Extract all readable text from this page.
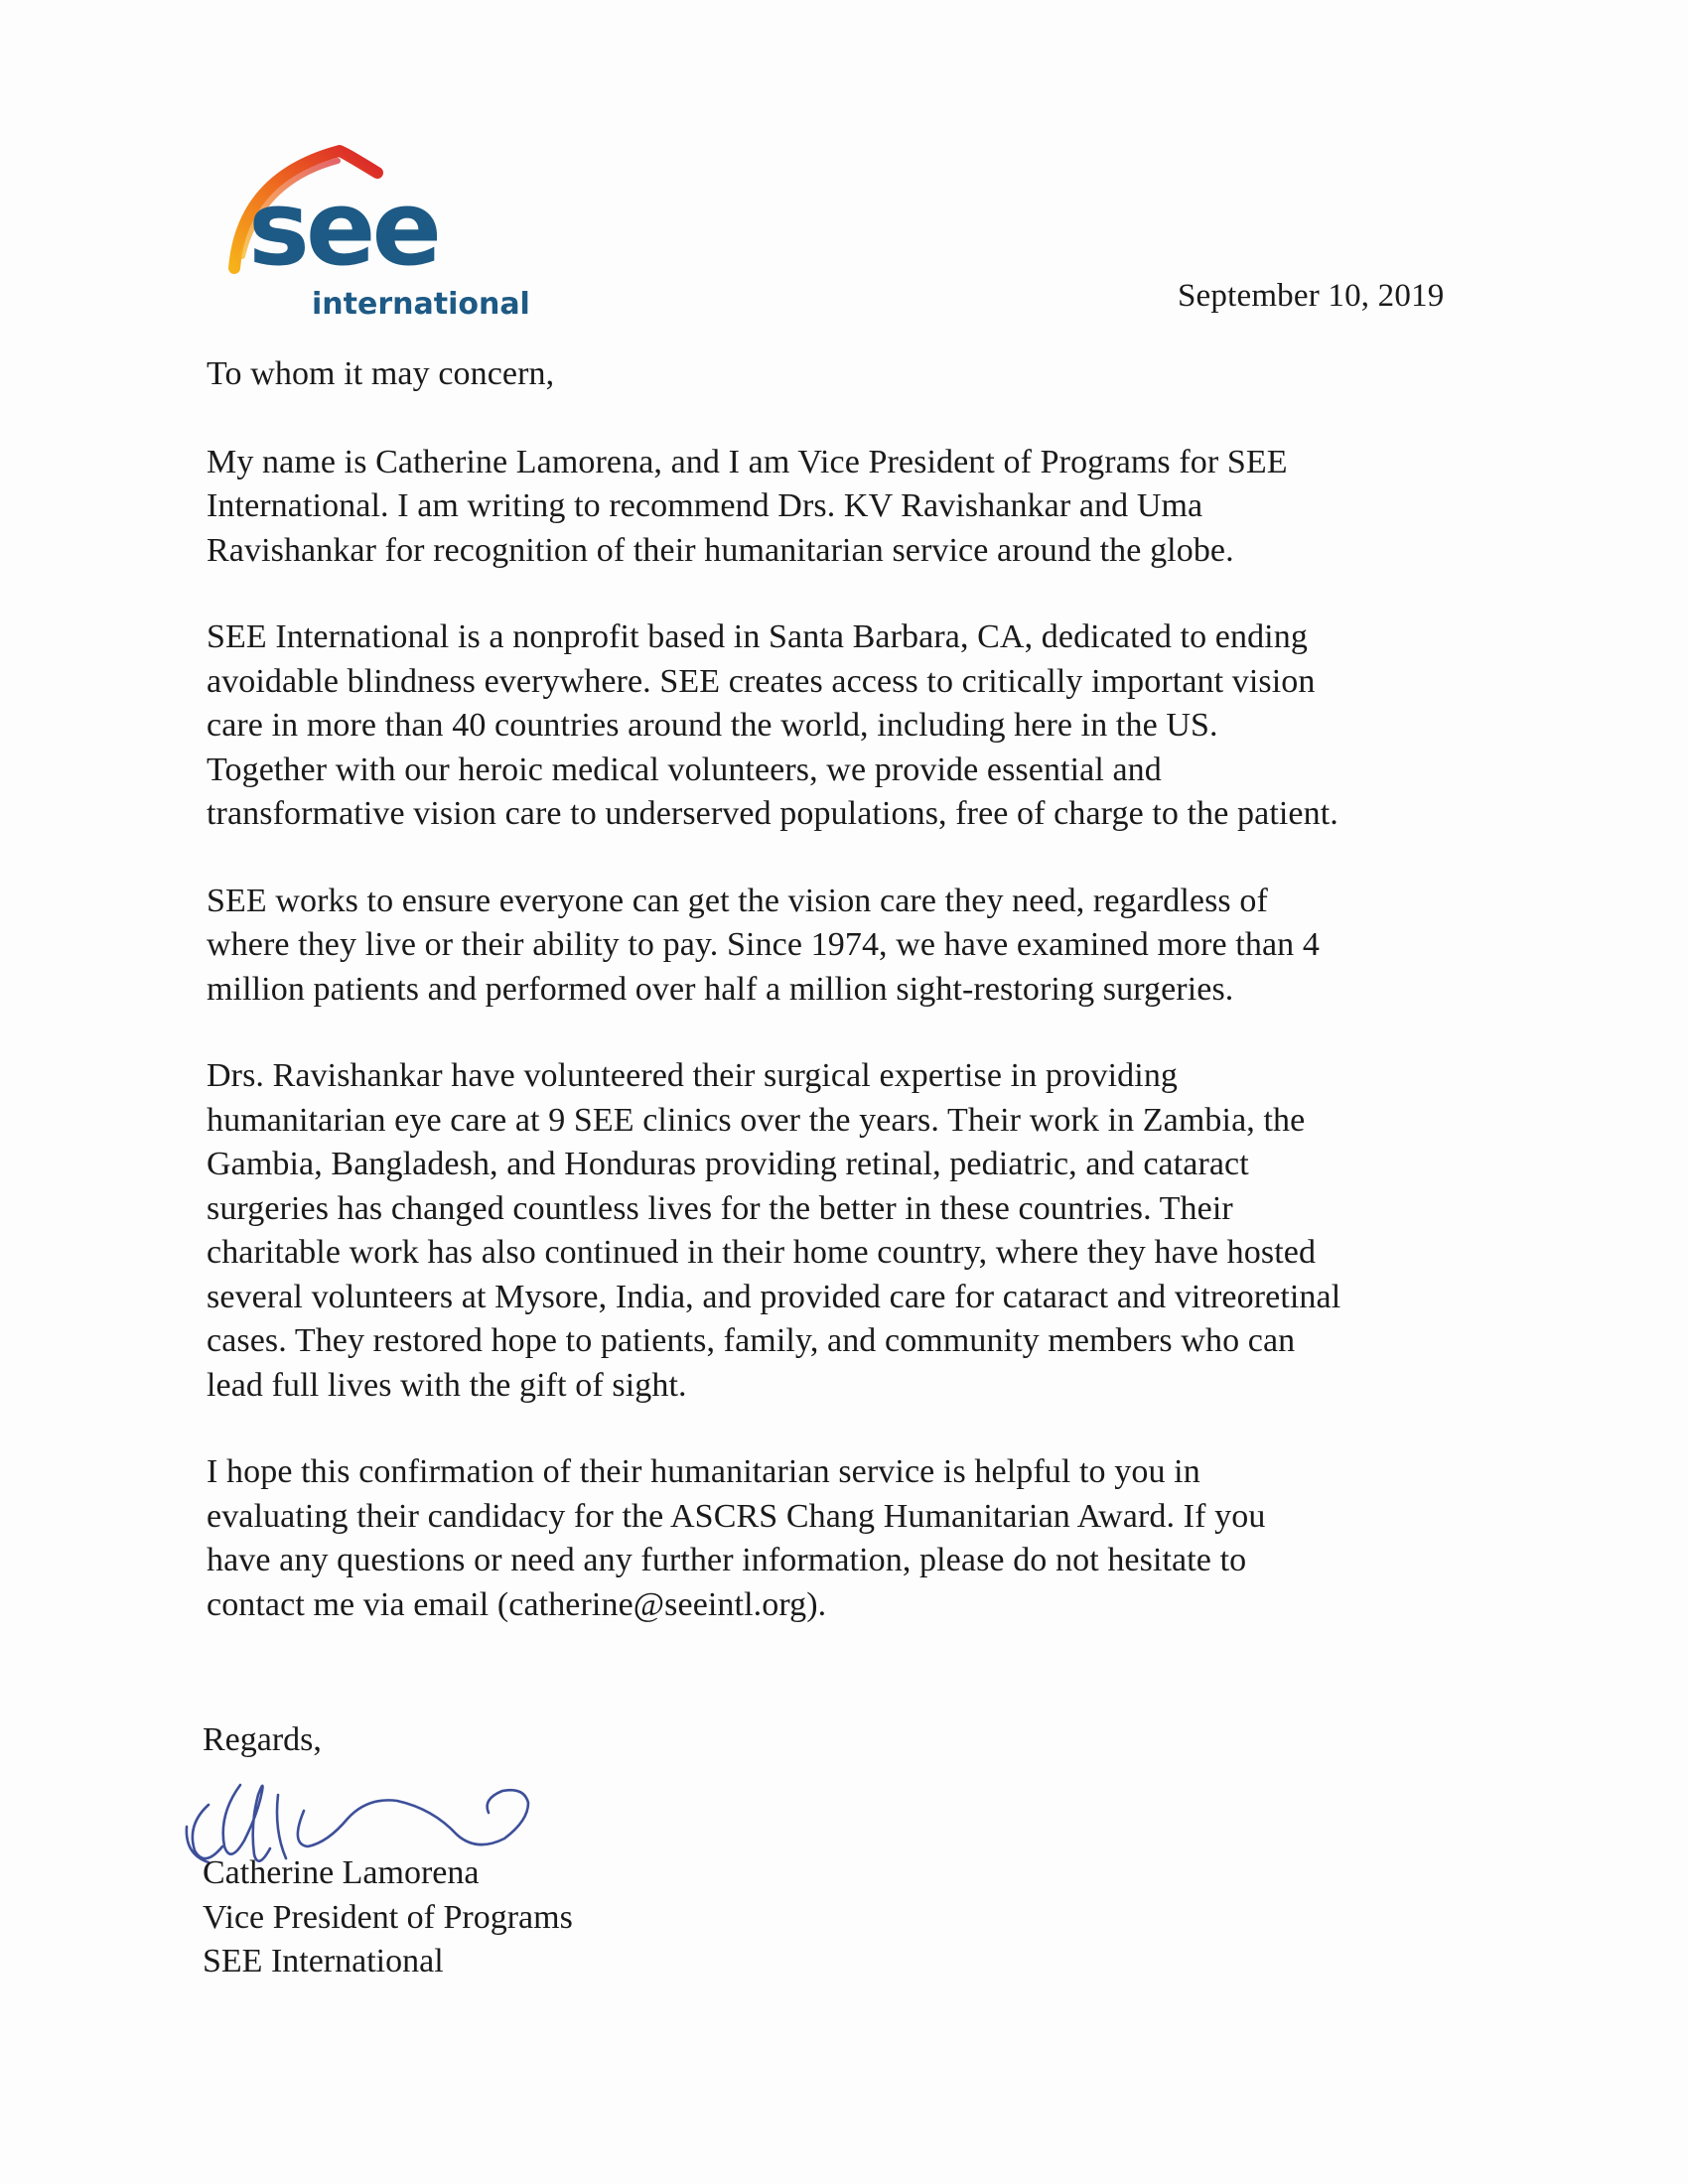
see
international	September 10, 2019
To whom it may concern,
My name is Catherine Lamorena, and I am Vice President of Programs for SEE
International. I am writing to recommend Drs. KV Ravishankar and Uma
Ravishankar for recognition of their humanitarian service around the globe.
SEE International is a nonprofit based in Santa Barbara, CA, dedicated to ending
avoidable blindness everywhere. SEE creates access to critically important vision
care in more than 40 countries around the world, including here in the US.
Together with our heroic medical volunteers, we provide essential and
transformative vision care to underserved populations, free of charge to the patient.
SEE works to ensure everyone can get the vision care they need, regardless of
where they live or their ability to pay. Since 1974, we have examined more than 4
million patients and performed over half a million sight-restoring surgeries.
Drs. Ravishankar have volunteered their surgical expertise in providing
humanitarian eye care at 9 SEE clinics over the years. Their work in Zambia, the
Gambia, Bangladesh, and Honduras providing retinal, pediatric, and cataract
surgeries has changed countless lives for the better in these countries. Their
charitable work has also continued in their home country, where they have hosted
several volunteers at Mysore, India, and provided care for cataract and vitreoretinal
cases. They restored hope to patients, family, and community members who can
lead full lives with the gift of sight.
I hope this confirmation of their humanitarian service is helpful to you in
evaluating their candidacy for the ASCRS Chang Humanitarian Award. If you
have any questions or need any further information, please do not hesitate to
contact me via email (catherine@seeintl.org).
Regards,
Catherine Lamorena
Vice President of Programs
SEE International
